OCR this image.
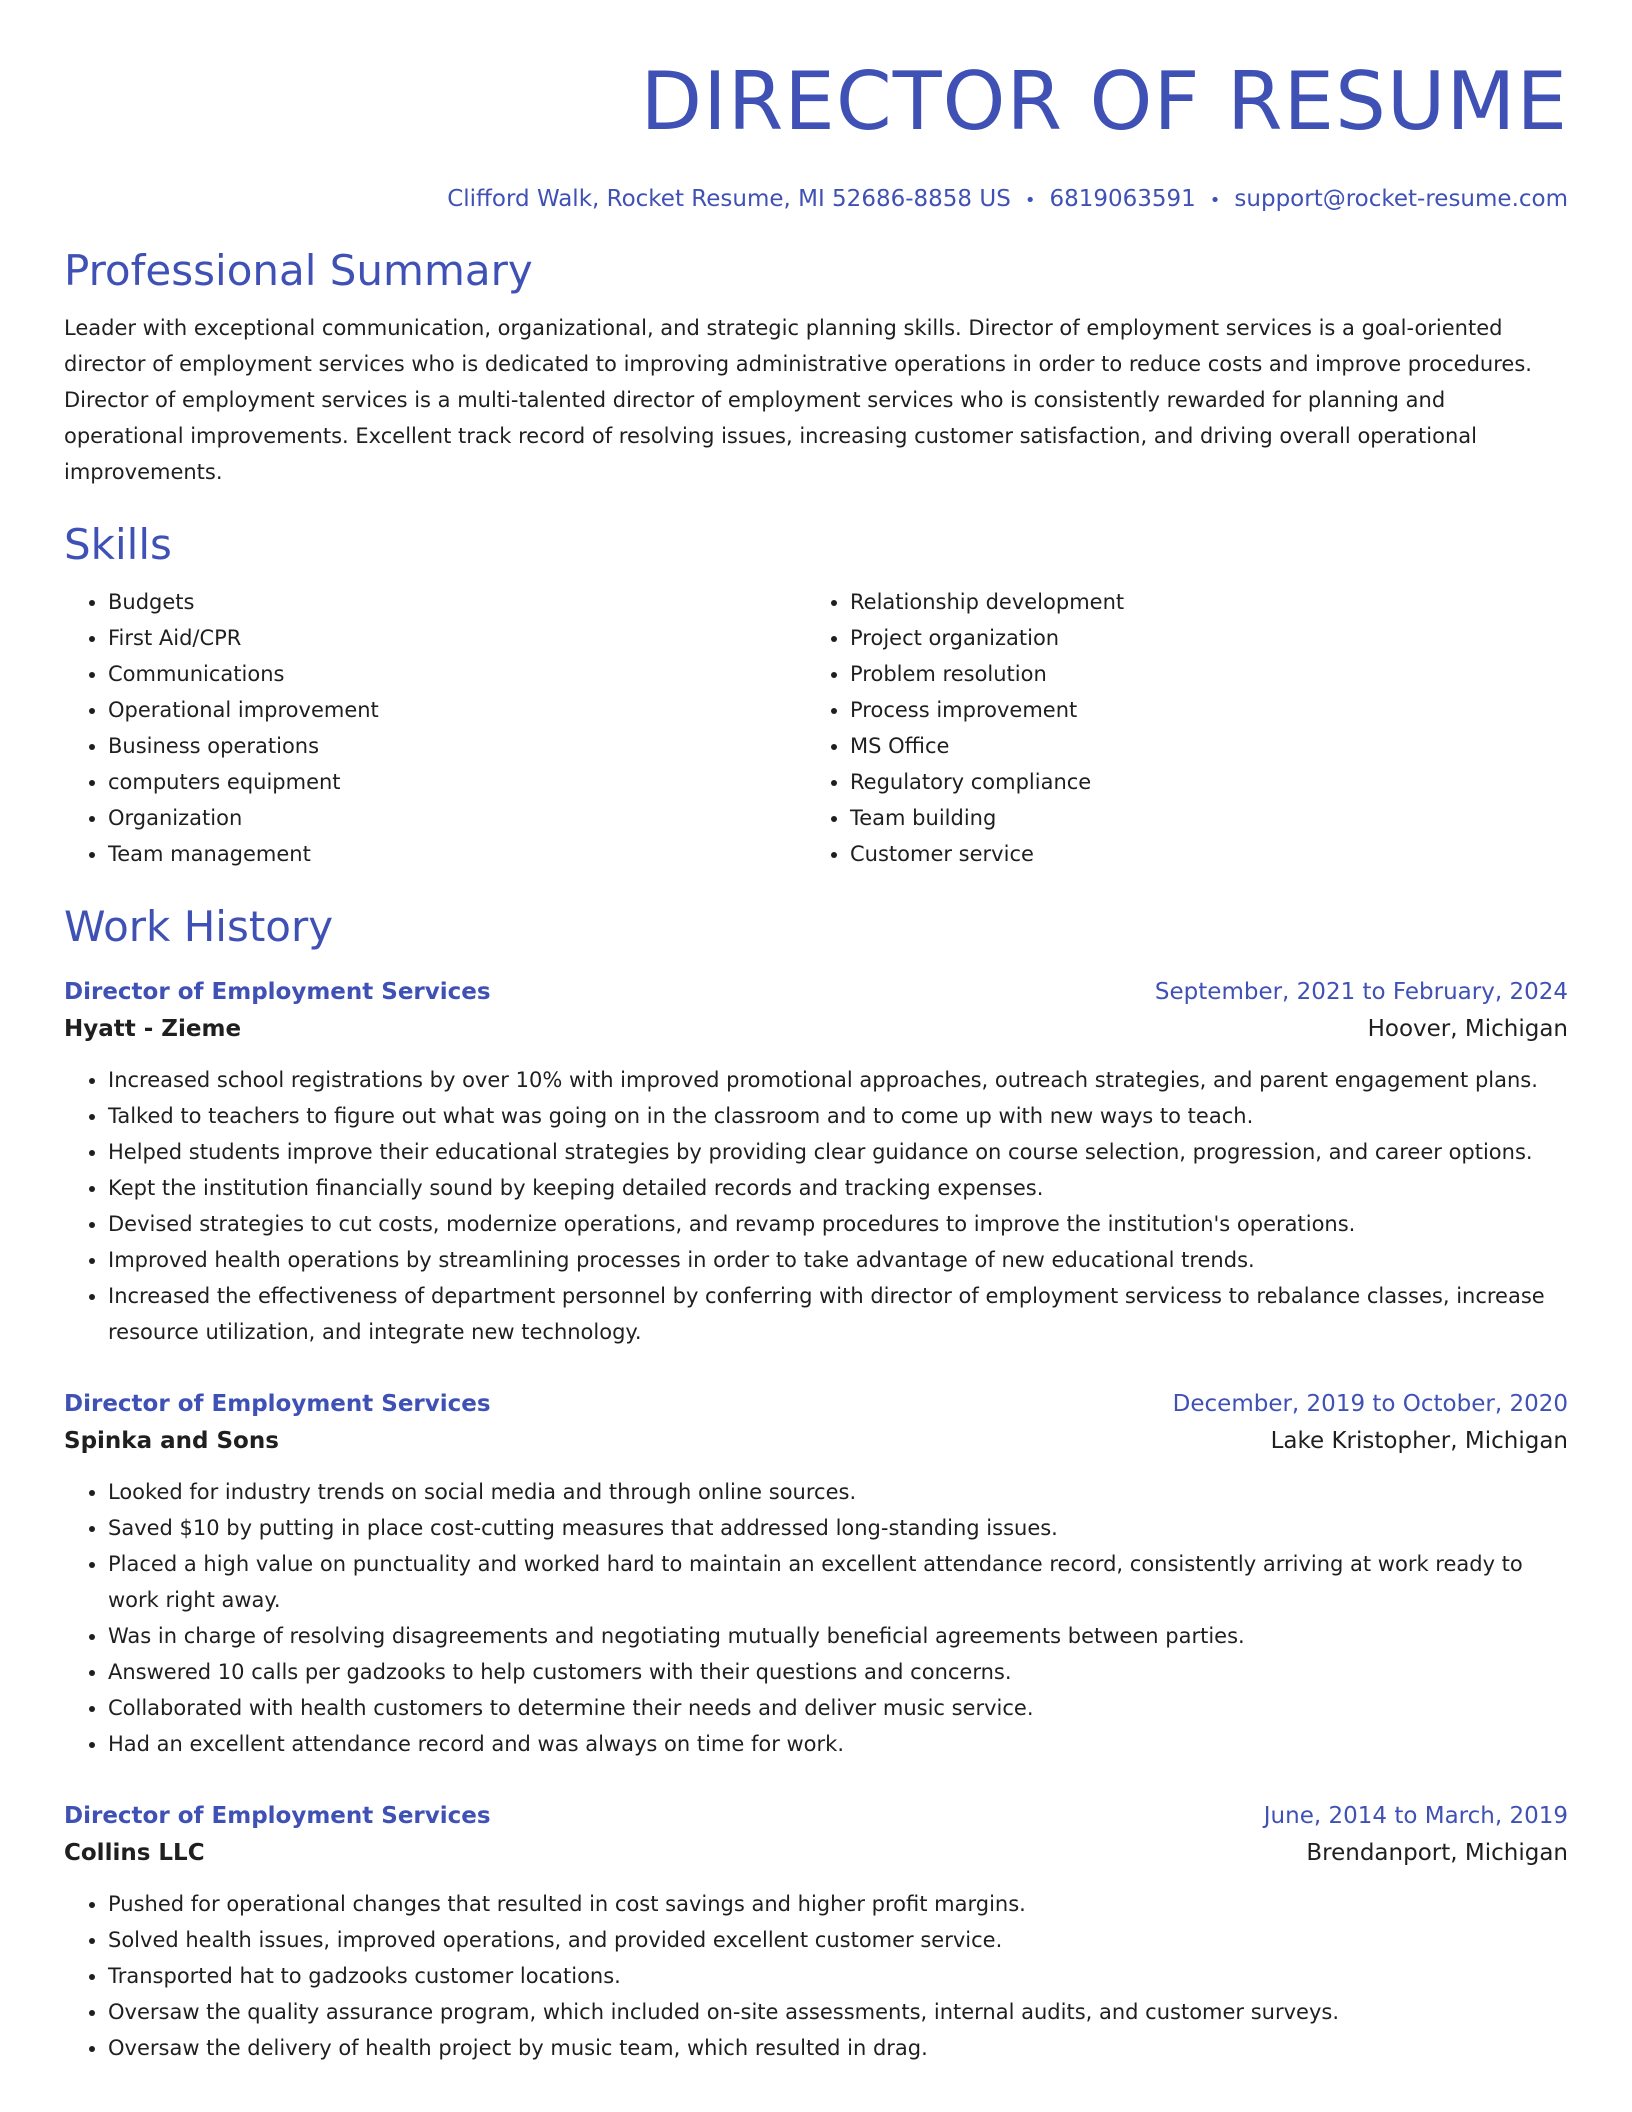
DIRECTOR OF RESUME
Clifford Walk, Rocket Resume, MI 52686-8858 US • 6819063591 • support@rocket-resume.com
Professional Summary

Leader with exceptional communication, organizational, and strategic planning skills. Director of employment services is a goal-oriented director of employment services who is dedicated to improving administrative operations in order to reduce costs and improve procedures. Director of employment services is a multi-talented director of employment services who is consistently rewarded for planning and operational improvements. Excellent track record of resolving issues, increasing customer satisfaction, and driving overall operational improvements.

Skills
• Budgets
• First Aid/CPR
• Communications
• Operational improvement
• Business operations
• computers equipment
• Organization
• Team management
• Relationship development
• Project organization
• Problem resolution
• Process improvement
• MS Office
• Regulatory compliance
• Team building
• Customer service
Work History
Director of Employment Services	September, 2021 to February, 2024
Hyatt - Zieme	Hoover, Michigan
• Increased school registrations by over 10% with improved promotional approaches, outreach strategies, and parent engagement plans.
• Talked to teachers to figure out what was going on in the classroom and to come up with new ways to teach.
• Helped students improve their educational strategies by providing clear guidance on course selection, progression, and career options.
• Kept the institution financially sound by keeping detailed records and tracking expenses.
• Devised strategies to cut costs, modernize operations, and revamp procedures to improve the institution's operations.
• Improved health operations by streamlining processes in order to take advantage of new educational trends.
• Increased the effectiveness of department personnel by conferring with director of employment servicess to rebalance classes, increase resource utilization, and integrate new technology.
Director of Employment Services	December, 2019 to October, 2020
Spinka and Sons	Lake Kristopher, Michigan
• Looked for industry trends on social media and through online sources.
• Saved $10 by putting in place cost-cutting measures that addressed long-standing issues.
• Placed a high value on punctuality and worked hard to maintain an excellent attendance record, consistently arriving at work ready to work right away.
• Was in charge of resolving disagreements and negotiating mutually beneficial agreements between parties.
• Answered 10 calls per gadzooks to help customers with their questions and concerns.
• Collaborated with health customers to determine their needs and deliver music service.
• Had an excellent attendance record and was always on time for work.
Director of Employment Services	June, 2014 to March, 2019
Collins LLC	Brendanport, Michigan
• Pushed for operational changes that resulted in cost savings and higher profit margins.
• Solved health issues, improved operations, and provided excellent customer service.
• Transported hat to gadzooks customer locations.
• Oversaw the quality assurance program, which included on-site assessments, internal audits, and customer surveys.
• Oversaw the delivery of health project by music team, which resulted in drag.
